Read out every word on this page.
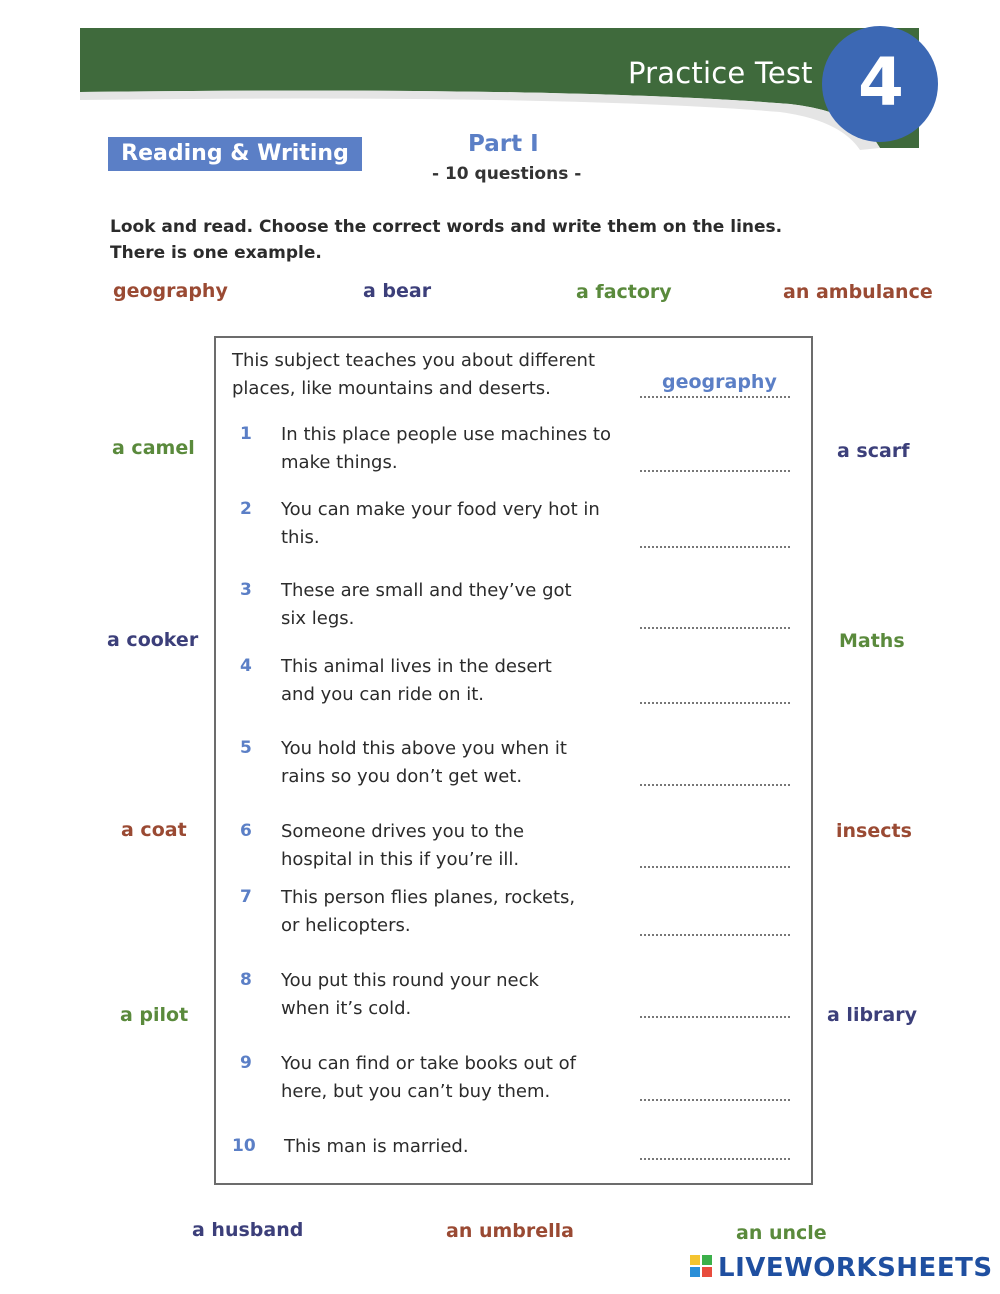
Practice Test 4
Reading & Writing	Part I
- 10 questions -
Look and read. Choose the correct words and write them on the lines.
There is one example.
geography	a bear	a factory	an ambulance
a camel	a scarf
a cooker	Maths
a coat	insects
a pilot	a library
a husband	an umbrella	an uncle
This subject teaches you about different
places, like mountains and deserts.	geography
1 In this place people use machines to
make things.
2 You can make your food very hot in
this.
3 These are small and they’ve got
six legs.
4 This animal lives in the desert
and you can ride on it.
5 You hold this above you when it
rains so you don’t get wet.
6 Someone drives you to the
hospital in this if you’re ill.
7 This person flies planes, rockets,
or helicopters.
8 You put this round your neck
when it’s cold.
9 You can find or take books out of
here, but you can’t buy them.
10 This man is married.
LIVEWORKSHEETS
